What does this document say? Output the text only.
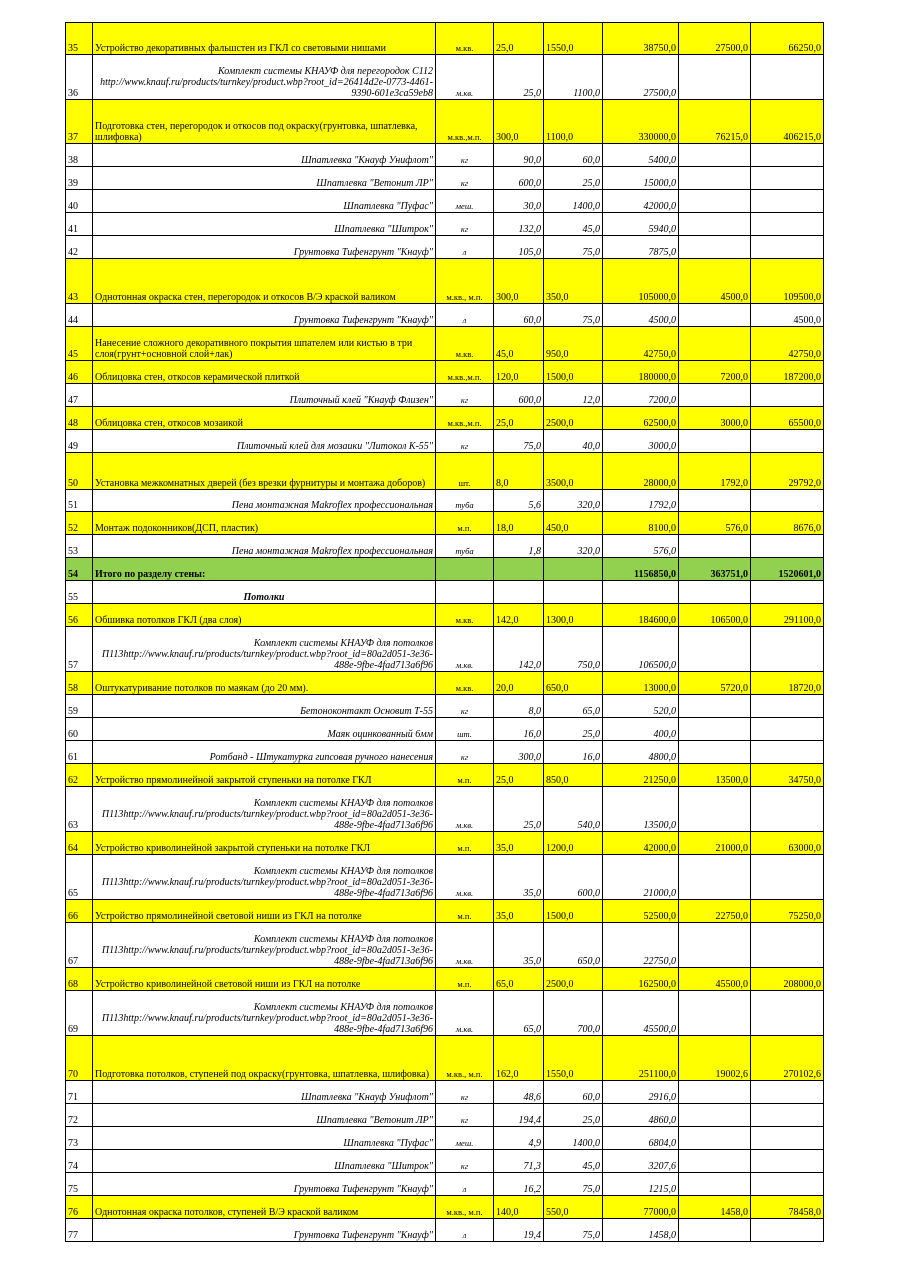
35	Устройство декоративных фальшстен из ГКЛ со световыми нишами	м.кв.	25,0	1550,0	38750,0	27500,0	66250,0
36	Комплект системы КНАУФ для перегородок С112 http://www.knauf.ru/products/turnkey/product.wbp?root_id=26414d2e-0773-4461-9390-601e3ca59eb8	м.кв.	25,0	1100,0	27500,0		
37	Подготовка стен, перегородок и откосов под окраску(грунтовка, шпатлевка, шлифовка)	м.кв.,м.п.	300,0	1100,0	330000,0	76215,0	406215,0
38	Шпатлевка "Кнауф Унифлот"	кг	90,0	60,0	5400,0		
39	Шпатлевка "Ветонит ЛР"	кг	600,0	25,0	15000,0		
40	Шпатлевка "Пуфас"	меш.	30,0	1400,0	42000,0		
41	Шпатлевка "Шитрок"	кг	132,0	45,0	5940,0		
42	Грунтовка Тифенгрунт "Кнауф"	л	105,0	75,0	7875,0		
43	Однотонная окраска стен, перегородок и откосов В/Э краской валиком	м.кв., м.п.	300,0	350,0	105000,0	4500,0	109500,0
44	Грунтовка Тифенгрунт "Кнауф"	л	60,0	75,0	4500,0		4500,0
45	Нанесение сложного декоративного покрытия шпателем или кистью в три слоя(грунт+основной слой+лак)	м.кв.	45,0	950,0	42750,0		42750,0
46	Облицовка стен, откосов керамической плиткой	м.кв.,м.п.	120,0	1500,0	180000,0	7200,0	187200,0
47	Плиточный клей "Кнауф Флизен"	кг	600,0	12,0	7200,0		
48	Облицовка стен, откосов мозаикой	м.кв.,м.п.	25,0	2500,0	62500,0	3000,0	65500,0
49	Плиточный клей для мозаики "Литокол К-55"	кг	75,0	40,0	3000,0		
50	Установка межкомнатных дверей (без врезки фурнитуры и монтажа доборов)	шт.	8,0	3500,0	28000,0	1792,0	29792,0
51	Пена монтажная Makroflex профессиональная	туба	5,6	320,0	1792,0		
52	Монтаж подоконников(ДСП, пластик)	м.п.	18,0	450,0	8100,0	576,0	8676,0
53	Пена монтажная Makroflex профессиональная	туба	1,8	320,0	576,0		
54	Итого по разделу стены:				1156850,0	363751,0	1520601,0
55	Потолки						
56	Обшивка потолков ГКЛ (два слоя)	м.кв.	142,0	1300,0	184600,0	106500,0	291100,0
57	Комплект системы КНАУФ для потолков П113http://www.knauf.ru/products/turnkey/product.wbp?root_id=80a2d051-3e36-488e-9fbe-4fad713a6f96	м.кв.	142,0	750,0	106500,0		
58	Оштукатуривание потолков по маякам (до 20 мм).	м.кв.	20,0	650,0	13000,0	5720,0	18720,0
59	Бетоноконтакт Основит Т-55	кг	8,0	65,0	520,0		
60	Маяк оцинкованный 6мм	шт.	16,0	25,0	400,0		
61	Ротбанд - Штукатурка гипсовая ручного нанесения	кг	300,0	16,0	4800,0		
62	Устройство прямолинейной закрытой ступеньки на потолке ГКЛ	м.п.	25,0	850,0	21250,0	13500,0	34750,0
63	Комплект системы КНАУФ для потолков П113http://www.knauf.ru/products/turnkey/product.wbp?root_id=80a2d051-3e36-488e-9fbe-4fad713a6f96	м.кв.	25,0	540,0	13500,0		
64	Устройство криволинейной закрытой ступеньки на потолке ГКЛ	м.п.	35,0	1200,0	42000,0	21000,0	63000,0
65	Комплект системы КНАУФ для потолков П113http://www.knauf.ru/products/turnkey/product.wbp?root_id=80a2d051-3e36-488e-9fbe-4fad713a6f96	м.кв.	35,0	600,0	21000,0		
66	Устройство прямолинейной световой ниши из ГКЛ на потолке	м.п.	35,0	1500,0	52500,0	22750,0	75250,0
67	Комплект системы КНАУФ для потолков П113http://www.knauf.ru/products/turnkey/product.wbp?root_id=80a2d051-3e36-488e-9fbe-4fad713a6f96	м.кв.	35,0	650,0	22750,0		
68	Устройство криволинейной световой ниши из ГКЛ на потолке	м.п.	65,0	2500,0	162500,0	45500,0	208000,0
69	Комплект системы КНАУФ для потолков П113http://www.knauf.ru/products/turnkey/product.wbp?root_id=80a2d051-3e36-488e-9fbe-4fad713a6f96	м.кв.	65,0	700,0	45500,0		
70	Подготовка потолков, ступеней под окраску(грунтовка, шпатлевка, шлифовка)	м.кв., м.п.	162,0	1550,0	251100,0	19002,6	270102,6
71	Шпатлевка "Кнауф Унифлот"	кг	48,6	60,0	2916,0		
72	Шпатлевка "Ветонит ЛР"	кг	194,4	25,0	4860,0		
73	Шпатлевка "Пуфас"	меш.	4,9	1400,0	6804,0		
74	Шпатлевка "Шитрок"	кг	71,3	45,0	3207,6		
75	Грунтовка Тифенгрунт "Кнауф"	л	16,2	75,0	1215,0		
76	Однотонная окраска потолков, ступеней В/Э краской валиком	м.кв., м.п.	140,0	550,0	77000,0	1458,0	78458,0
77	Грунтовка Тифенгрунт "Кнауф"	л	19,4	75,0	1458,0		
